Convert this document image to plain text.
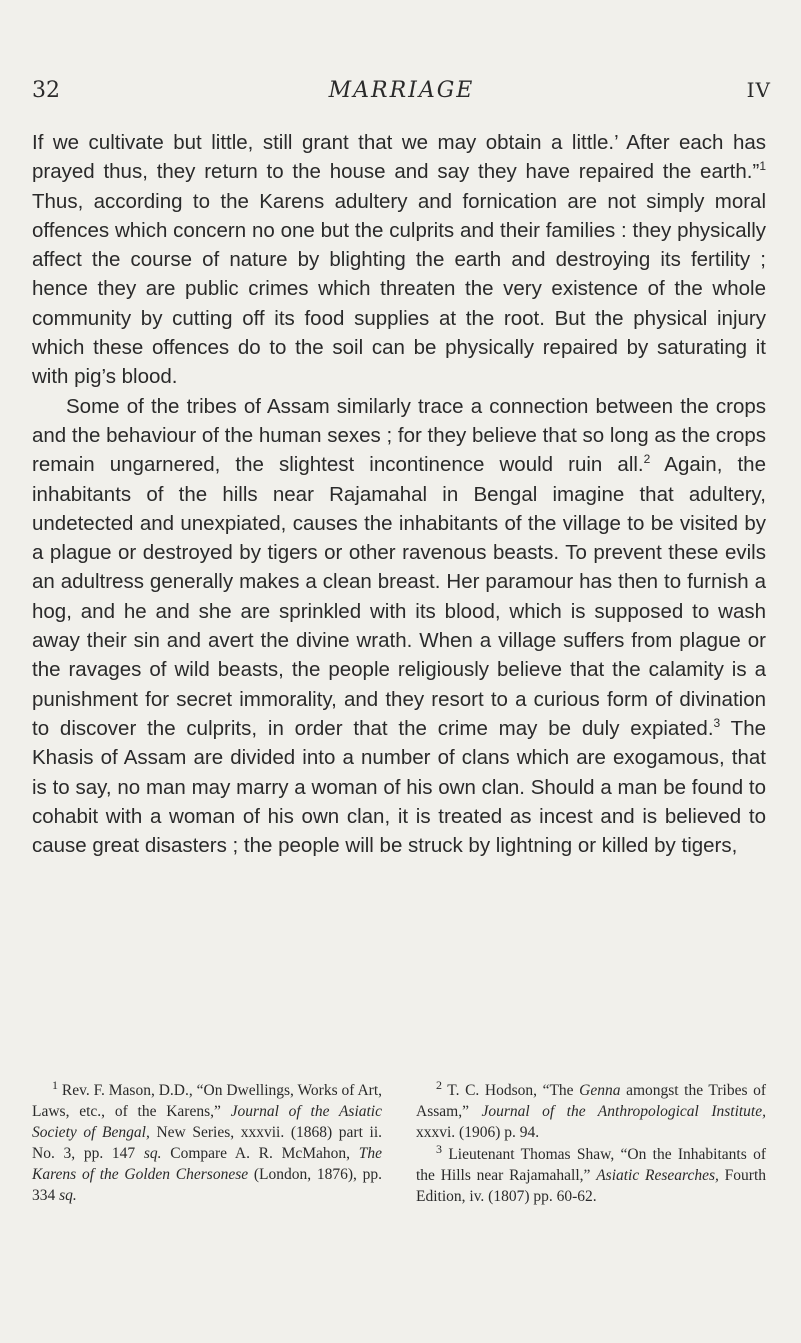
32	MARRIAGE	IV

If we cultivate but little, still grant that we may obtain a little.’ After each has prayed thus, they return to the house and say they have repaired the earth.”$^1$ Thus, according to the Karens adultery and fornication are not simply moral offences which concern no one but the culprits and their families : they physically affect the course of nature by blighting the earth and destroying its fertility ; hence they are public crimes which threaten the very existence of the whole community by cutting off its food supplies at the root. But the physical injury which these offences do to the soil can be physically repaired by saturating it with pig’s blood.

Some of the tribes of Assam similarly trace a connection between the crops and the behaviour of the human sexes ; for they believe that so long as the crops remain ungarnered, the slightest incontinence would ruin all.$^2$ Again, the inhabitants of the hills near Rajamahal in Bengal imagine that adultery, undetected and unexpiated, causes the inhabitants of the village to be visited by a plague or destroyed by tigers or other ravenous beasts. To prevent these evils an adultress generally makes a clean breast. Her paramour has then to furnish a hog, and he and she are sprinkled with its blood, which is supposed to wash away their sin and avert the divine wrath. When a village suffers from plague or the ravages of wild beasts, the people religiously believe that the calamity is a punishment for secret immorality, and they resort to a curious form of divination to discover the culprits, in order that the crime may be duly expiated.$^3$ The Khasis of Assam are divided into a number of clans which are exogamous, that is to say, no man may marry a woman of his own clan. Should a man be found to cohabit with a woman of his own clan, it is treated as incest and is believed to cause great disasters ; the people will be struck by lightning or killed by tigers,

$^1$ Rev. F. Mason, D.D., “On Dwellings, Works of Art, Laws, etc., of the Karens,” Journal of the Asiatic Society of Bengal, New Series, xxxvii. (1868) part ii. No. 3, pp. 147 sq. Compare A. R. McMahon, The Karens of the Golden Chersonese (London, 1876), pp. 334 sq.

$^2$ T. C. Hodson, “The Genna amongst the Tribes of Assam,” Journal of the Anthropological Institute, xxxvi. (1906) p. 94.

$^3$ Lieutenant Thomas Shaw, “On the Inhabitants of the Hills near Rajamahall,” Asiatic Researches, Fourth Edition, iv. (1807) pp. 60-62.
